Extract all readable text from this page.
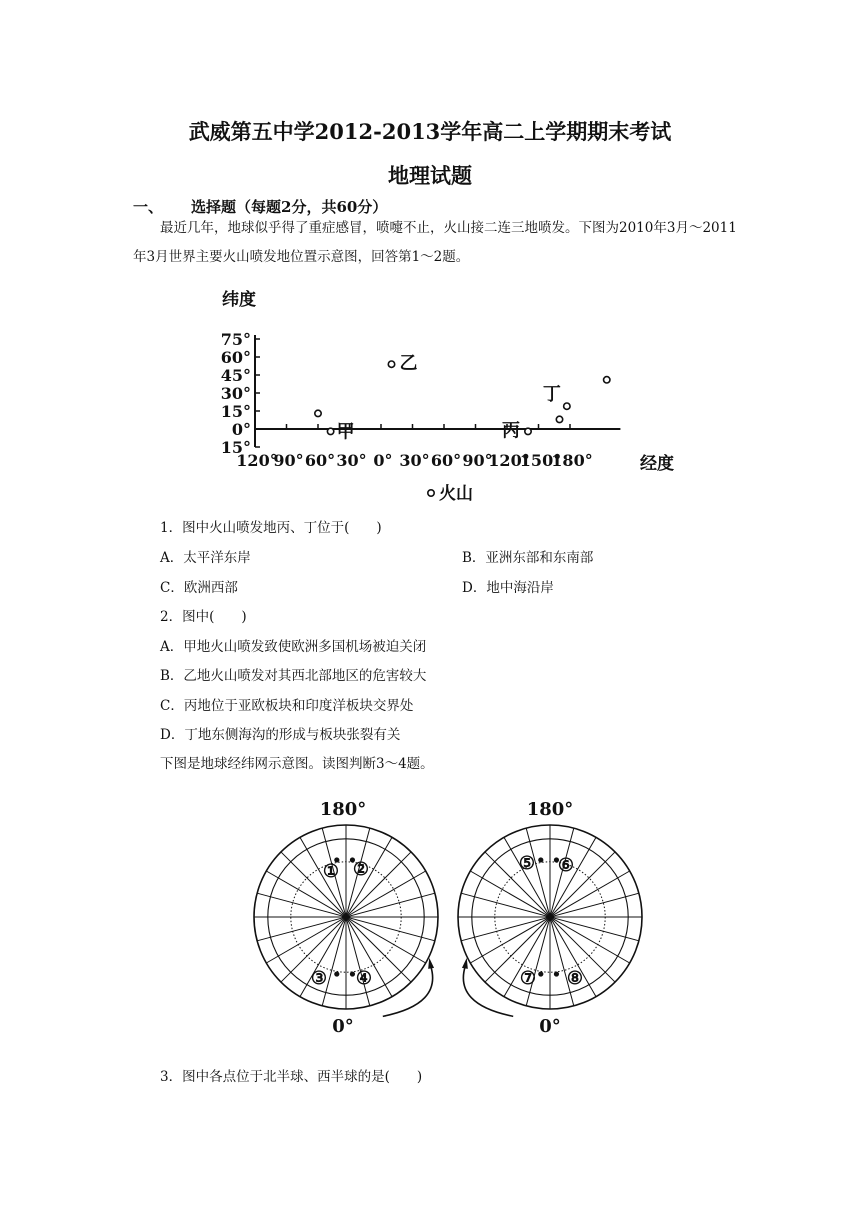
武威第五中学2012-2013学年高二上学期期末考试
地理试题
一、 选择题（每题2分，共60分）
最近几年，地球似乎得了重症感冒，喷嚏不止，火山接二连三地喷发。下图为2010年3月～2011年3月世界主要火山喷发地位置示意图，回答第1～2题。
75°
60°
45°
30°
15°
0°
15°
120°
90° 60° 30° 0° 30° 60° 90°
120°
150°
180°
纬度
经度
甲
乙
丙
丁
火山
1．图中火山喷发地丙、丁位于(　　)
A．太平洋东岸	B．亚洲东部和东南部
C．欧洲西部	D．地中海沿岸
2．图中(　　)
A．甲地火山喷发致使欧洲多国机场被迫关闭
B．乙地火山喷发对其西北部地区的危害较大
C．丙地位于亚欧板块和印度洋板块交界处
D．丁地东侧海沟的形成与板块张裂有关
下图是地球经纬网示意图。读图判断3～4题。
180°
0°
180°
0°
① ②
③ ④
⑤ ⑥
⑦ ⑧
3．图中各点位于北半球、西半球的是(　　)
